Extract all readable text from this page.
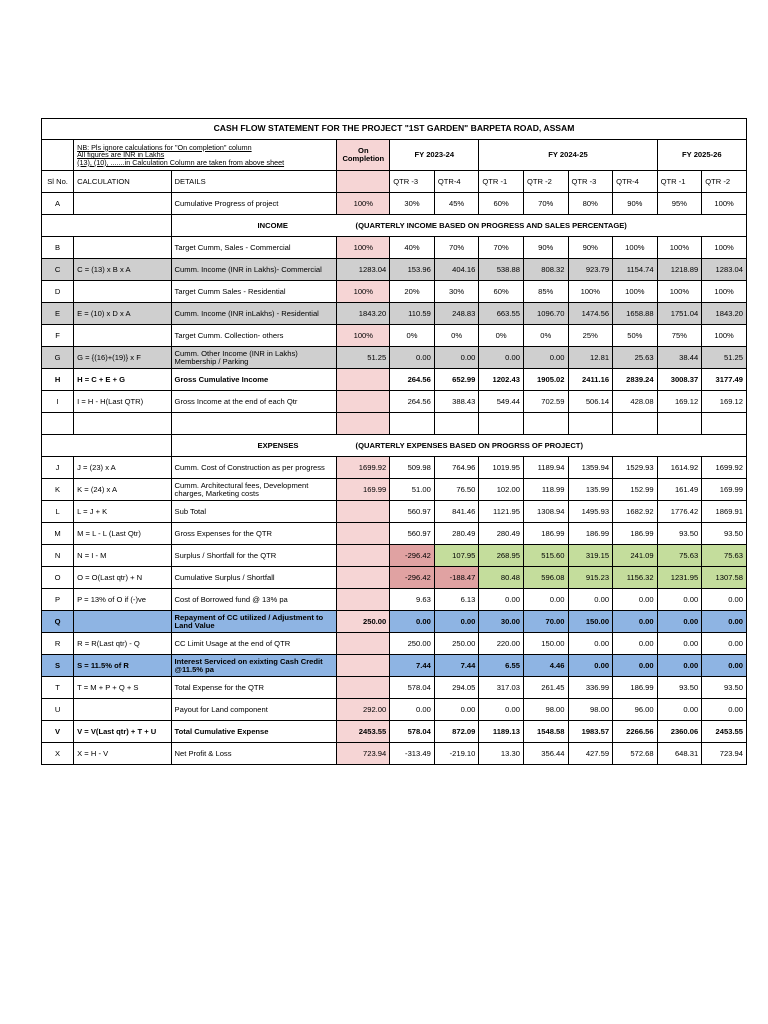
CASH FLOW STATEMENT FOR THE PROJECT "1ST GARDEN" BARPETA ROAD, ASSAM											

	NB: Pls ignore calculations for "On completion" column
All figures are INR in Lakhs
(13), (10), .......in Calculation Column are taken from above sheet		On Completion	FY 2023-24		FY 2024-25				FY 2025-26	
Sl No.	CALCULATION	DETAILS		QTR -3	QTR-4	QTR -1	QTR -2	QTR -3	QTR-4	QTR -1	QTR -2
A		Cumulative Progress of project	100%	30%	45%	60%	70%	80%	90%	95%	100%
		INCOME (QUARTERLY INCOME BASED ON PROGRESS AND SALES PERCENTAGE)									
B		Target Cumm, Sales - Commercial	100%	40%	70%	70%	90%	90%	100%	100%	100%
C	C = (13) x B x A	Cumm. Income (INR in Lakhs)- Commercial	1283.04	153.96	404.16	538.88	808.32	923.79	1154.74	1218.89	1283.04
D		Target Cumm Sales - Residential	100%	20%	30%	60%	85%	100%	100%	100%	100%
E	E = (10) x D x A	Cumm. Income (INR inLakhs) - Residential	1843.20	110.59	248.83	663.55	1096.70	1474.56	1658.88	1751.04	1843.20
F		Target Cumm. Collection- others	100%	0%	0%	0%	0%	25%	50%	75%	100%
G	G = {(16)+(19)} x F	Cumm. Other Income (INR in Lakhs) Membership / Parking	51.25	0.00	0.00	0.00	0.00	12.81	25.63	38.44	51.25
H	H = C + E + G	Gross Cumulative Income		264.56	652.99	1202.43	1905.02	2411.16	2839.24	3008.37	3177.49
I	I = H - H(Last QTR)	Gross Income at the end of each Qtr		264.56	388.43	549.44	702.59	506.14	428.08	169.12	169.12

		EXPENSES (QUARTERLY EXPENSES BASED ON PROGRSS OF PROJECT)									
J	J = (23) x A	Cumm. Cost of Construction as per progress	1699.92	509.98	764.96	1019.95	1189.94	1359.94	1529.93	1614.92	1699.92
K	K = (24) x A	Cumm. Architectural fees, Development charges, Marketing costs	169.99	51.00	76.50	102.00	118.99	135.99	152.99	161.49	169.99
L	L = J + K	Sub Total		560.97	841.46	1121.95	1308.94	1495.93	1682.92	1776.42	1869.91
M	M = L - L (Last Qtr)	Gross Expenses for the QTR		560.97	280.49	280.49	186.99	186.99	186.99	93.50	93.50
N	N = I - M	Surplus / Shortfall for the QTR		-296.42	107.95	268.95	515.60	319.15	241.09	75.63	75.63
O	O = O(Last qtr) + N	Cumulative Surplus / Shortfall		-296.42	-188.47	80.48	596.08	915.23	1156.32	1231.95	1307.58
P	P = 13% of O if (-)ve	Cost of Borrowed fund @ 13% pa		9.63	6.13	0.00	0.00	0.00	0.00	0.00	0.00
Q		Repayment of CC utilized / Adjustment to Land Value	250.00	0.00	0.00	30.00	70.00	150.00	0.00	0.00	0.00
R	R = R(Last qtr) - Q	CC Limit Usage at the end of QTR		250.00	250.00	220.00	150.00	0.00	0.00	0.00	0.00
S	S = 11.5% of R	Interest Serviced on exixting Cash Credit @11.5% pa		7.44	7.44	6.55	4.46	0.00	0.00	0.00	0.00
T	T = M + P + Q + S	Total Expense for the QTR		578.04	294.05	317.03	261.45	336.99	186.99	93.50	93.50
U		Payout for Land component	292.00	0.00	0.00	0.00	98.00	98.00	96.00	0.00	0.00
V	V = V(Last qtr) + T + U	Total Cumulative Expense	2453.55	578.04	872.09	1189.13	1548.58	1983.57	2266.56	2360.06	2453.55
X	X = H - V	Net Profit & Loss	723.94	-313.49	-219.10	13.30	356.44	427.59	572.68	648.31	723.94
